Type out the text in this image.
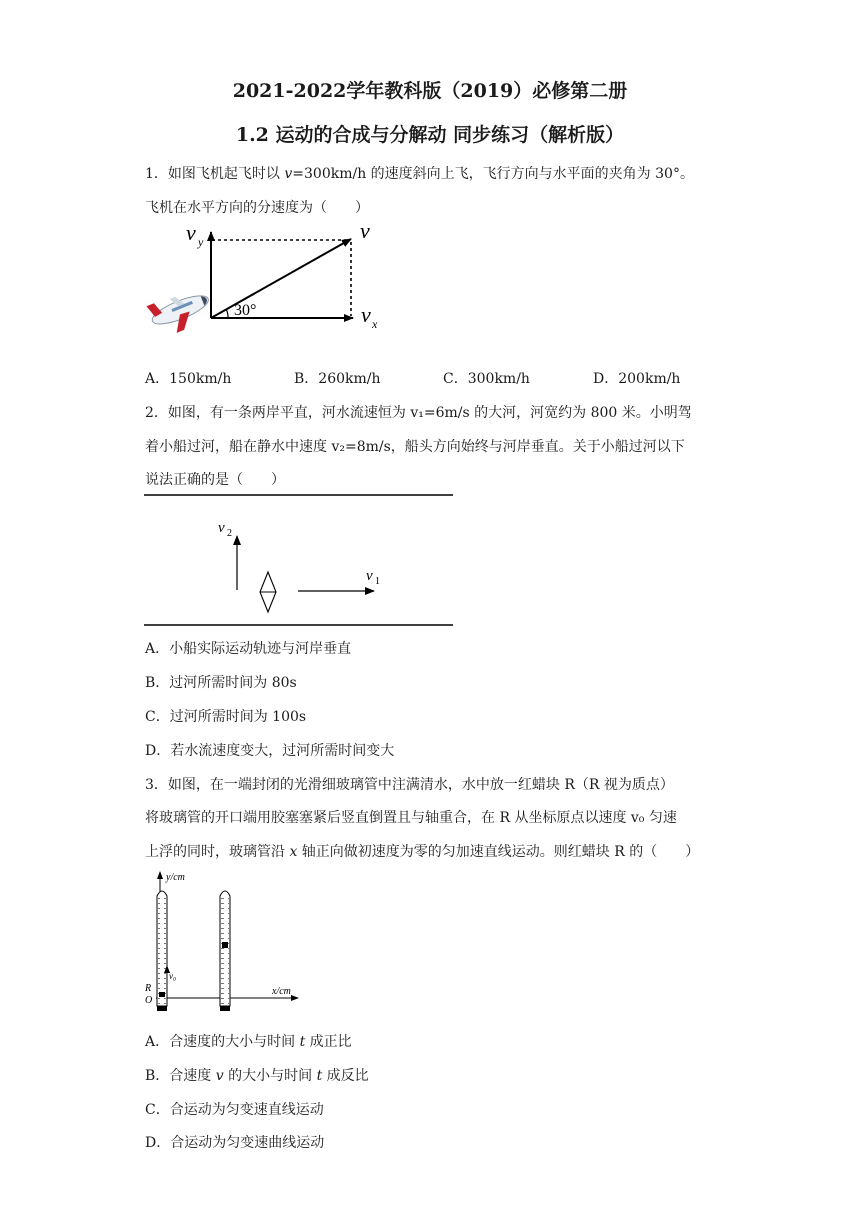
2021-2022学年教科版（2019）必修第二册
1.2 运动的合成与分解动 同步练习（解析版）
1．如图飞机起飞时以 v=300km/h 的速度斜向上飞，飞行方向与水平面的夹角为 30°。
飞机在水平方向的分速度为（　　）
30°
v y	v
v x
A．150km/h	B．260km/h	C．300km/h	D．200km/h
2．如图，有一条两岸平直，河水流速恒为 v₁=6m/s 的大河，河宽约为 800 米。小明驾
着小船过河，船在静水中速度 v₂=8m/s，船头方向始终与河岸垂直。关于小船过河以下
说法正确的是（　　）
v 2
v 1
A．小船实际运动轨迹与河岸垂直
B．过河所需时间为 80s
C．过河所需时间为 100s
D．若水流速度变大，过河所需时间变大
3．如图，在一端封闭的光滑细玻璃管中注满清水，水中放一红蜡块 R（R 视为质点）
将玻璃管的开口端用胶塞塞紧后竖直倒置且与轴重合，在 R 从坐标原点以速度 v₀ 匀速
上浮的同时，玻璃管沿 x 轴正向做初速度为零的匀加速直线运动。则红蜡块 R 的（　　）
y/cm
x/cm
R
O
v₀
A．合速度的大小与时间 t 成正比
B．合速度 v 的大小与时间 t 成反比
C．合运动为匀变速直线运动
D．合运动为匀变速曲线运动
